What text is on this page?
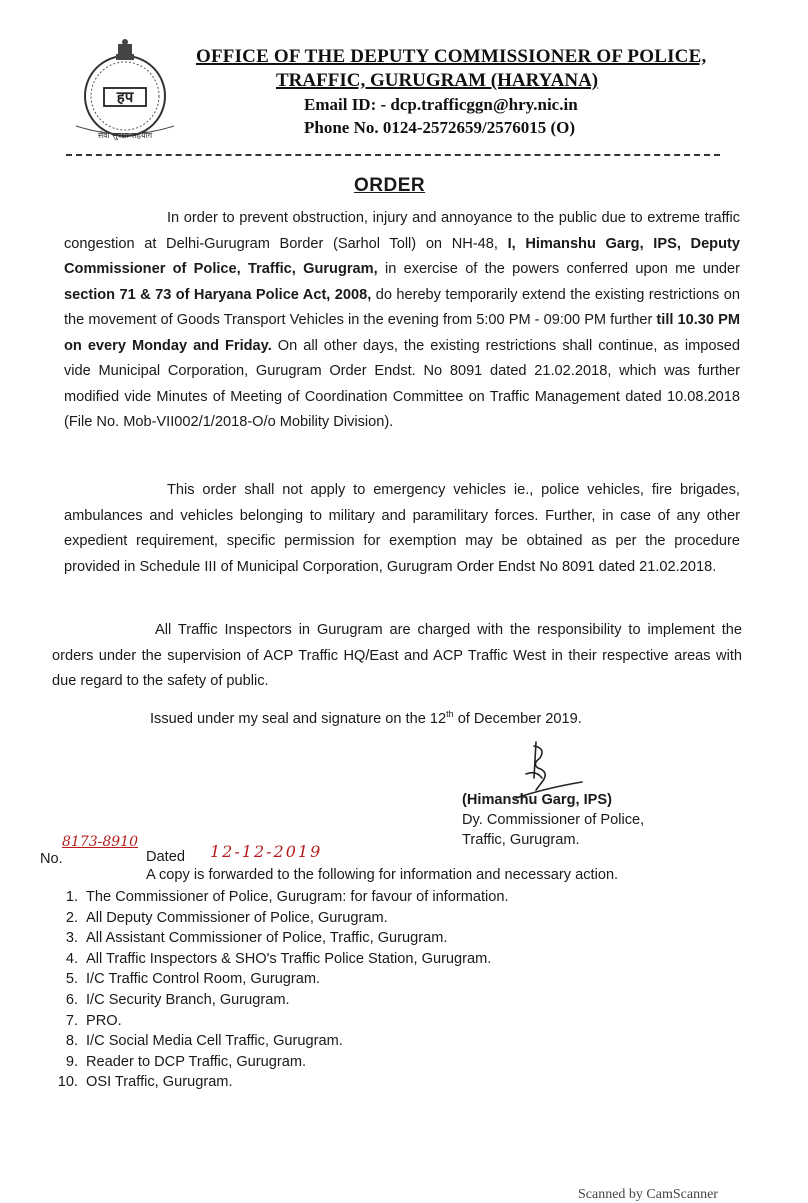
हप
सेवा सुरक्षा सहयोग
OFFICE OF THE DEPUTY COMMISSIONER OF POLICE,
TRAFFIC, GURUGRAM (HARYANA)
Email ID: - dcp.trafficggn@hry.nic.in
Phone No. 0124-2572659/2576015 (O)
ORDER
In order to prevent obstruction, injury and annoyance to the public due to extreme traffic congestion at Delhi-Gurugram Border (Sarhol Toll) on NH-48, I, Himanshu Garg, IPS, Deputy Commissioner of Police, Traffic, Gurugram, in exercise of the powers conferred upon me under section 71 & 73 of Haryana Police Act, 2008, do hereby temporarily extend the existing restrictions on the movement of Goods Transport Vehicles in the evening from 5:00 PM - 09:00 PM further till 10.30 PM on every Monday and Friday. On all other days, the existing restrictions shall continue, as imposed vide Municipal Corporation, Gurugram Order Endst. No 8091 dated 21.02.2018, which was further modified vide Minutes of Meeting of Coordination Committee on Traffic Management dated 10.08.2018 (File No. Mob-VII002/1/2018-O/o Mobility Division).
This order shall not apply to emergency vehicles ie., police vehicles, fire brigades, ambulances and vehicles belonging to military and paramilitary forces. Further, in case of any other expedient requirement, specific permission for exemption may be obtained as per the procedure provided in Schedule III of Municipal Corporation, Gurugram Order Endst No 8091 dated 21.02.2018.
All Traffic Inspectors in Gurugram are charged with the responsibility to implement the orders under the supervision of ACP Traffic HQ/East and ACP Traffic West in their respective areas with due regard to the safety of public.
Issued under my seal and signature on the 12th of December 2019.
(Himanshu Garg, IPS)
Dy. Commissioner of Police,
Traffic, Gurugram.
No.
8173-8910
Dated 12-12-2019
A copy is forwarded to the following for information and necessary action.
1. The Commissioner of Police, Gurugram: for favour of information.
2. All Deputy Commissioner of Police, Gurugram.
3. All Assistant Commissioner of Police, Traffic, Gurugram.
4. All Traffic Inspectors & SHO's Traffic Police Station, Gurugram.
5. I/C Traffic Control Room, Gurugram.
6. I/C Security Branch, Gurugram.
7. PRO.
8. I/C Social Media Cell Traffic, Gurugram.
9. Reader to DCP Traffic, Gurugram.
10. OSI Traffic, Gurugram.
Scanned by CamScanner
